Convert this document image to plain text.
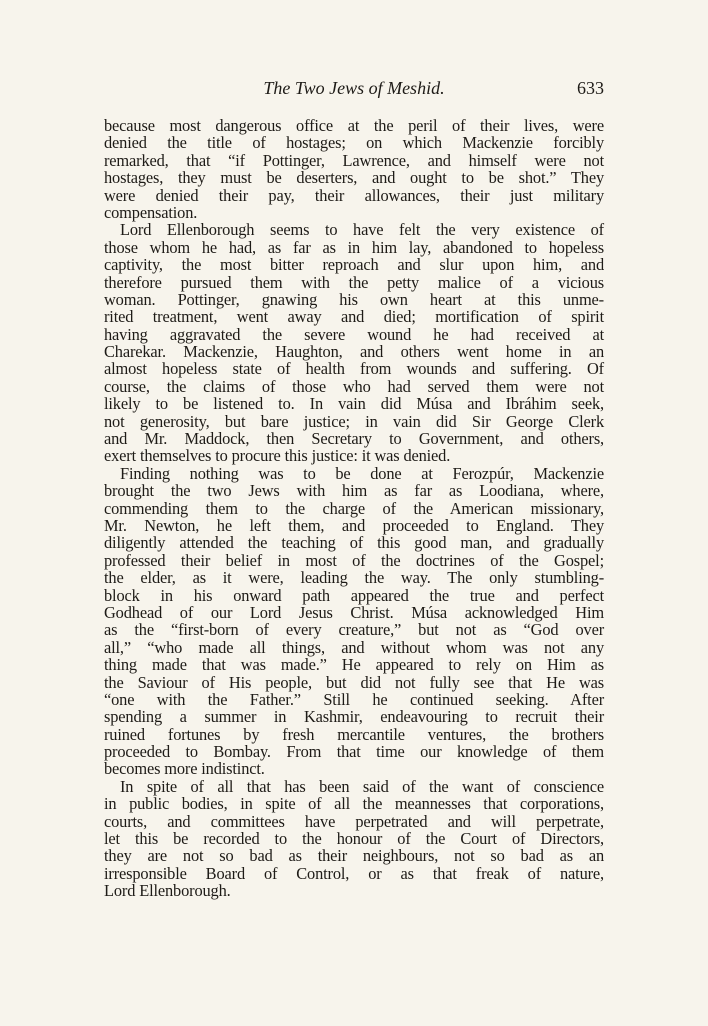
The Two Jews of Meshid.	633
because most dangerous office at the peril of their lives, were
denied the title of hostages; on which Mackenzie forcibly
remarked, that “if Pottinger, Lawrence, and himself were not
hostages, they must be deserters, and ought to be shot.” They
were denied their pay, their allowances, their just military
compensation.
Lord Ellenborough seems to have felt the very existence of
those whom he had, as far as in him lay, abandoned to hopeless
captivity, the most bitter reproach and slur upon him, and
therefore pursued them with the petty malice of a vicious
woman. Pottinger, gnawing his own heart at this unme-
rited treatment, went away and died; mortification of spirit
having aggravated the severe wound he had received at
Charekar. Mackenzie, Haughton, and others went home in an
almost hopeless state of health from wounds and suffering. Of
course, the claims of those who had served them were not
likely to be listened to. In vain did Músa and Ibráhim seek,
not generosity, but bare justice; in vain did Sir George Clerk
and Mr. Maddock, then Secretary to Government, and others,
exert themselves to procure this justice: it was denied.
Finding nothing was to be done at Ferozpúr, Mackenzie
brought the two Jews with him as far as Loodiana, where,
commending them to the charge of the American missionary,
Mr. Newton, he left them, and proceeded to England. They
diligently attended the teaching of this good man, and gradually
professed their belief in most of the doctrines of the Gospel;
the elder, as it were, leading the way. The only stumbling-
block in his onward path appeared the true and perfect
Godhead of our Lord Jesus Christ. Músa acknowledged Him
as the “first-born of every creature,” but not as “God over
all,” “who made all things, and without whom was not any
thing made that was made.” He appeared to rely on Him as
the Saviour of His people, but did not fully see that He was
“one with the Father.” Still he continued seeking. After
spending a summer in Kashmir, endeavouring to recruit their
ruined fortunes by fresh mercantile ventures, the brothers
proceeded to Bombay. From that time our knowledge of them
becomes more indistinct.
In spite of all that has been said of the want of conscience
in public bodies, in spite of all the meannesses that corporations,
courts, and committees have perpetrated and will perpetrate,
let this be recorded to the honour of the Court of Directors,
they are not so bad as their neighbours, not so bad as an
irresponsible Board of Control, or as that freak of nature,
Lord Ellenborough.
